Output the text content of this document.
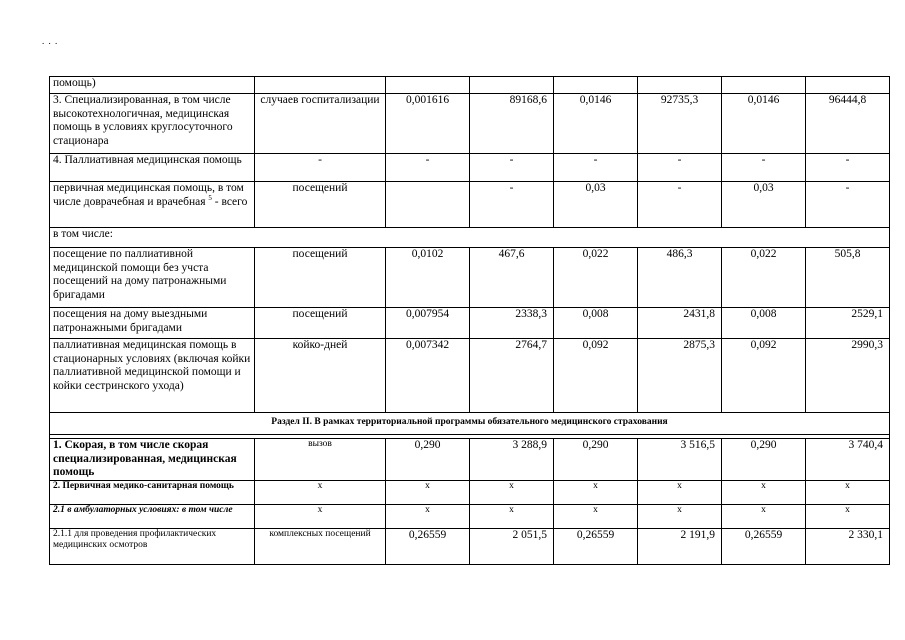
. . .
помощь)							
3. Специализированная, в том числе высокотехнологичная, медицинская помощь в условиях круглосуточного стационара	случаев госпитализации	0,001616	89168,6	0,0146	92735,3	0,0146	96444,8
4. Паллиативная медицинская помощь	-	-	-	-	-	-	-
первичная медицинская помощь, в том числе доврачебная и врачебная $^5$ - всего	посещений		-	0,03	-	0,03	-
в том числе:							
посещение по паллиативной медицинской помощи без учста посещений на дому патронажными бригадами	посещений	0,0102	467,6	0,022	486,3	0,022	505,8
посещения на дому выездными патронажными бригадами	посещений	0,007954	2338,3	0,008	2431,8	0,008	2529,1
паллиативная медицинская помощь в стационарных условиях (включая койки паллиативной медицинской помощи и койки сестринского ухода)	койко-дней	0,007342	2764,7	0,092	2875,3	0,092	2990,3
Раздел II. В рамках территориальной программы обязательного медицинского страхования							

1. Скорая, в том числе скорая специализированная, медицинская помощь	вызов	0,290	3 288,9	0,290	3 516,5	0,290	3 740,4
2. Первичная медико-санитарная помощь	х	х	х	х	х	х	х
2.1 в амбулаторных условиях: в том числе	х	х	х	х	х	х	х
2.1.1 для проведения профилактических медицинских осмотров	комплексных посещений	0,26559	2 051,5	0,26559	2 191,9	0,26559	2 330,1
